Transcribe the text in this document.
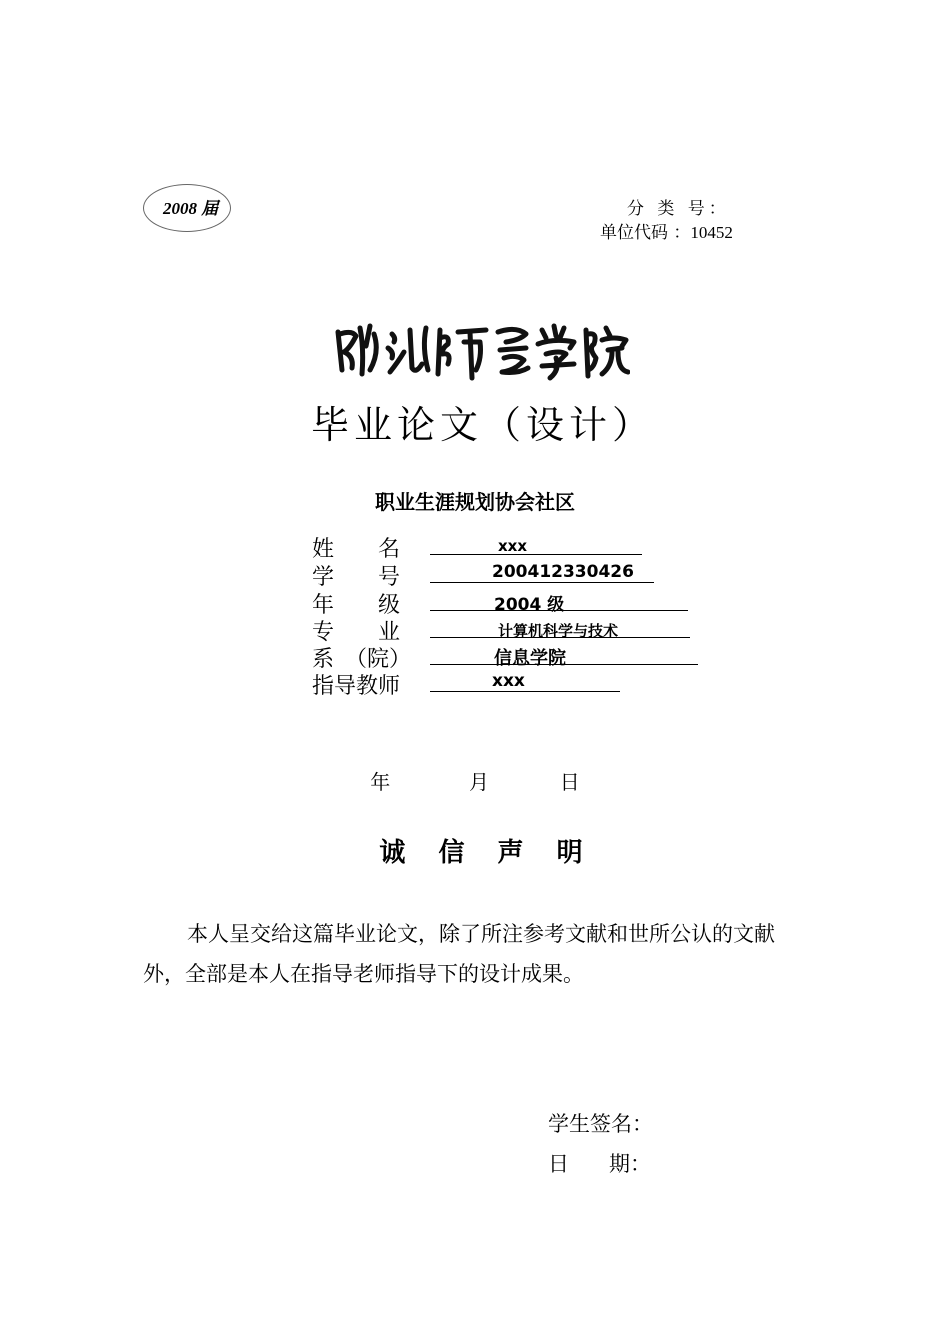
2008 届	分 类 号：
单位代码 ：10452
毕业论文（设计）
职业生涯规划协会社区
姓　　名	xxx
学　　号	200412330426
年　　级	2004 级
专　　业	计算机科学与技术
系　（院）	信息学院
指导教师	xxx
年	月	日
诚 信 声 明
本人呈交给这篇毕业论文，除了所注参考文献和世所公认的文献外，全部是本人在指导老师指导下的设计成果。
学生签名：
日 期：
